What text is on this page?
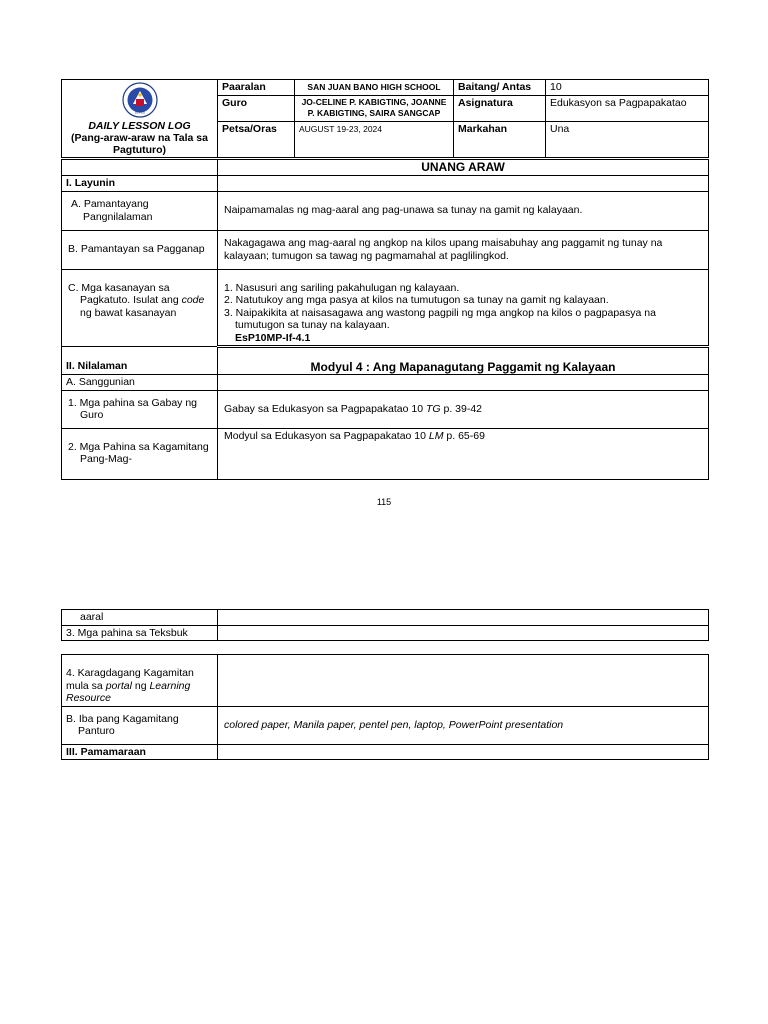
DEPED
DAILY LESSON LOG
(Pang-araw-araw na Tala sa Pagtuturo)	Paaralan	SAN JUAN BANO HIGH SCHOOL	Baitang/ Antas	10
	Guro	JO-CELINE P. KABIGTING, JOANNE P. KABIGTING, SAIRA SANGCAP	Asignatura	Edukasyon sa Pagpapakatao
	Petsa/Oras	AUGUST 19-23, 2024	Markahan	Una
	UNANG ARAW
I. Layunin	

A. Pamantayang Pangnilalaman	Naipamamalas ng mag-aaral ang pag-unawa sa tunay na gamit ng kalayaan.
B. Pamantayan sa Pagganap	Nakagagawa ang mag-aaral ng angkop na kilos upang maisabuhay ang paggamit ng tunay na kalayaan; tumugon sa tawag ng pagmamahal at paglilingkod.

C. Mga kasanayan sa Pagkatuto. Isulat ang code ng bawat kasanayan	1. Nasusuri ang sariling pakahulugan ng kalayaan.
2. Natutukoy ang mga pasya at kilos na tumutugon sa tunay na gamit ng kalayaan.
3. Naipakikita at naisasagawa ang wastong pagpili ng mga angkop na kilos o pagpapasya na tumutugon sa tunay na kalayaan.
EsP10MP-If-4.1
II. Nilalaman	Modyul 4 : Ang Mapanagutang Paggamit ng Kalayaan
A. Sanggunian	

1. Mga pahina sa Gabay ng Guro	Gabay sa Edukasyon sa Pagpapakatao 10 TG p. 39-42

2. Mga Pahina sa Kagamitang Pang-Mag-	Modyul sa Edukasyon sa Pagpapakatao 10 LM p. 65-69
115
aaral	
3. Mga pahina sa Teksbuk	
4. Karagdagang Kagamitan mula sa portal ng Learning Resource	

B. Iba pang Kagamitang Panturo	colored paper, Manila paper, pentel pen, laptop, PowerPoint presentation
III. Pamamaraan	
